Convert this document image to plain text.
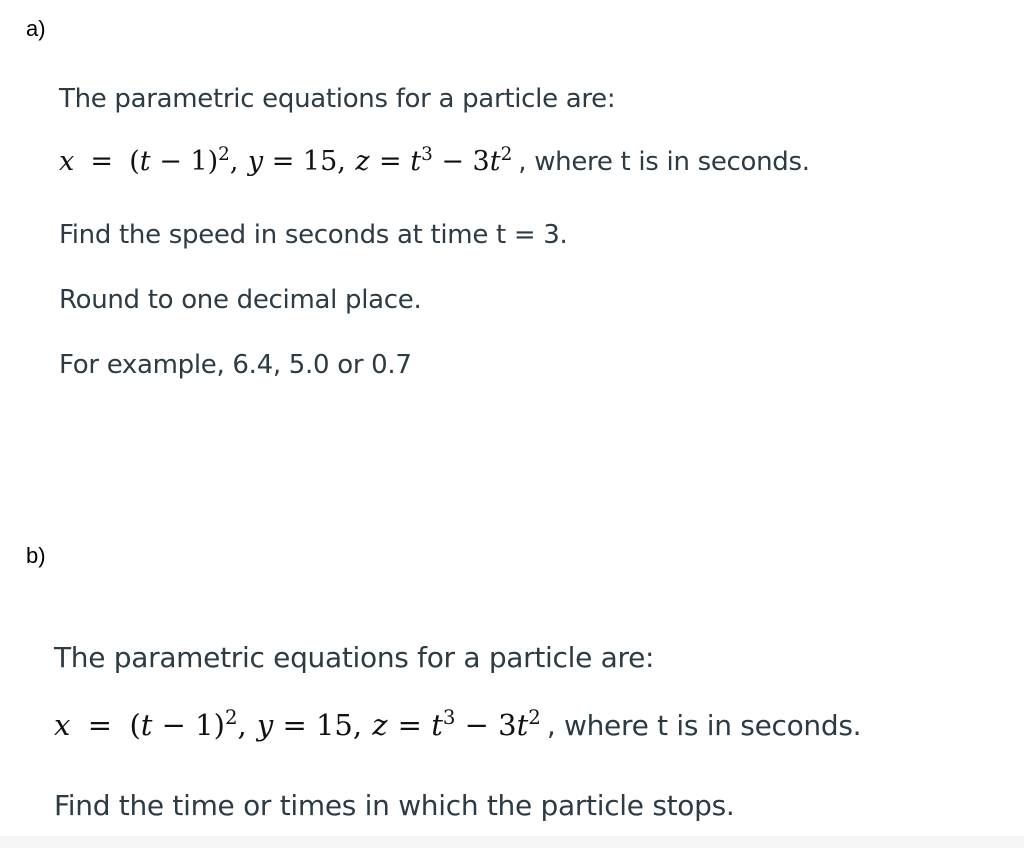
a)
The parametric equations for a particle are:
$x = (t - 1)^2$, y = 15, $z = t^3 - 3t^2$ , where t is in seconds.
Find the speed in seconds at time t = 3.
Round to one decimal place.
For example, 6.4, 5.0 or 0.7
b)
The parametric equations for a particle are:
$x = (t - 1)^2$, y = 15, $z = t^3 - 3t^2$ , where t is in seconds.
Find the time or times in which the particle stops.
